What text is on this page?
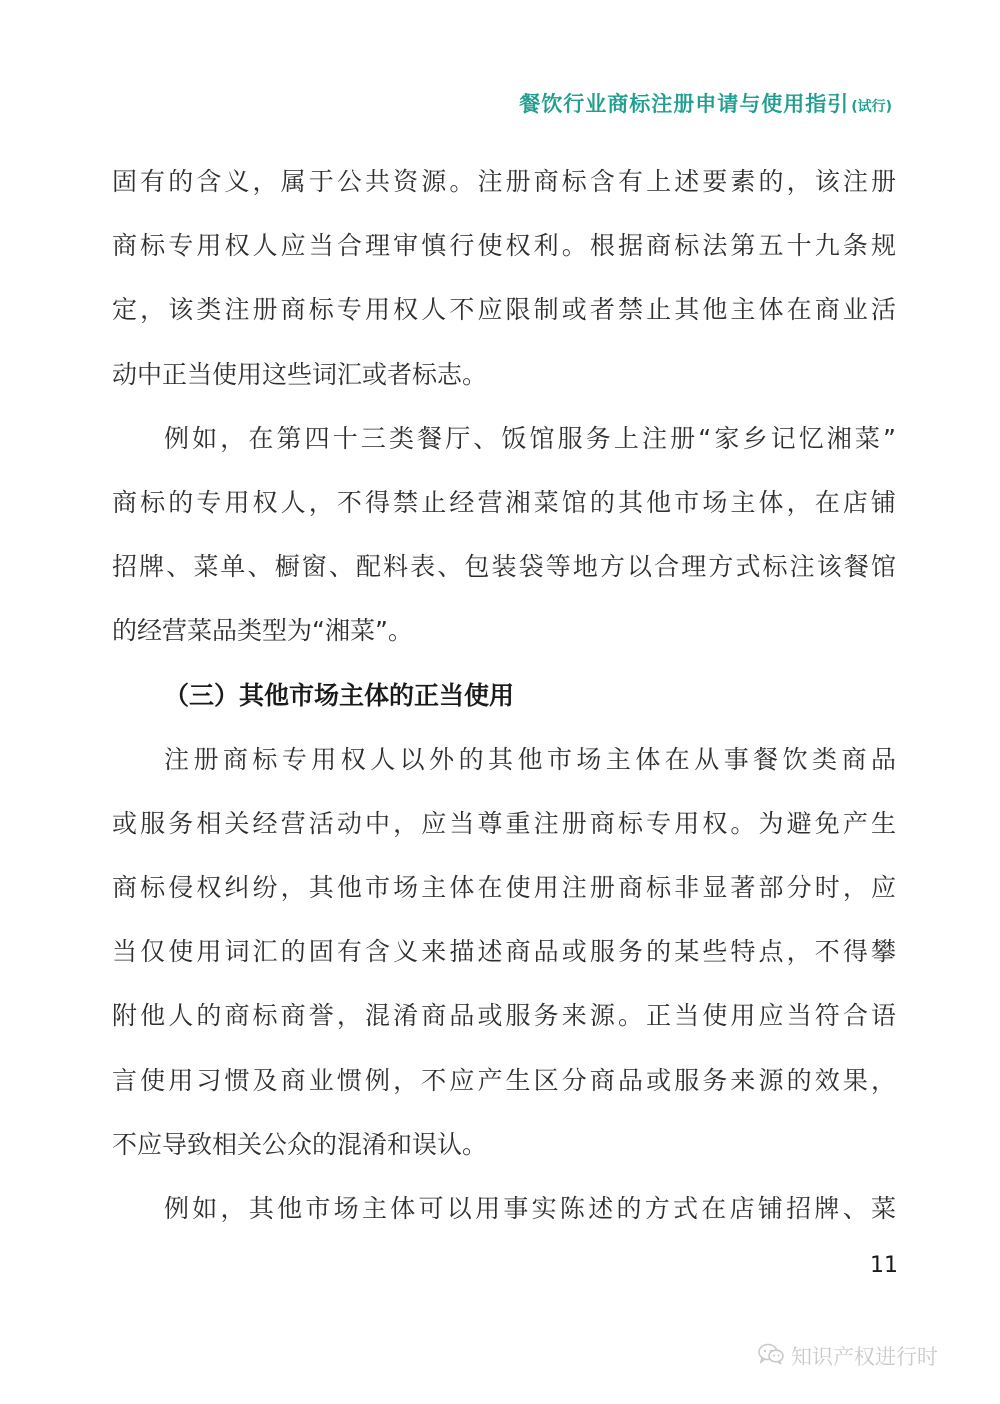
餐饮行业商标注册申请与使用指引 (试行)
固有的含义，属于公共资源。注册商标含有上述要素的，该注册
商标专用权人应当合理审慎行使权利。根据商标法第五十九条规
定，该类注册商标专用权人不应限制或者禁止其他主体在商业活
动中正当使用这些词汇或者标志。
例如，在第四十三类餐厅、饭馆服务上注册“家乡记忆湘菜”
商标的专用权人，不得禁止经营湘菜馆的其他市场主体，在店铺
招牌、菜单、橱窗、配料表、包装袋等地方以合理方式标注该餐馆
的经营菜品类型为“湘菜”。
（三）其他市场主体的正当使用
注册商标专用权人以外的其他市场主体在从事餐饮类商品
或服务相关经营活动中，应当尊重注册商标专用权。为避免产生
商标侵权纠纷，其他市场主体在使用注册商标非显著部分时，应
当仅使用词汇的固有含义来描述商品或服务的某些特点，不得攀
附他人的商标商誉，混淆商品或服务来源。正当使用应当符合语
言使用习惯及商业惯例，不应产生区分商品或服务来源的效果，
不应导致相关公众的混淆和误认。
例如，其他市场主体可以用事实陈述的方式在店铺招牌、菜
11
知识产权进行时
